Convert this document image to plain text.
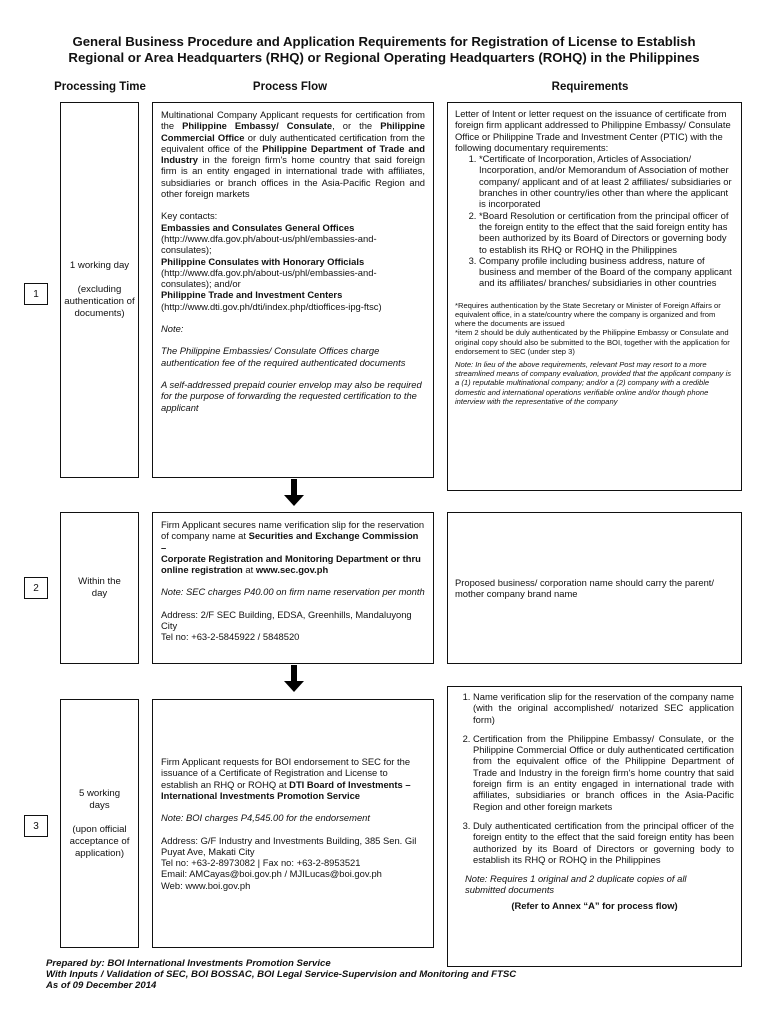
General Business Procedure and Application Requirements for Registration of License to Establish
Regional or Area Headquarters (RHQ) or Regional Operating Headquarters (ROHQ) in the Philippines
Processing Time	Process Flow	Requirements
1

1 working day

(excluding authentication of documents)

Multinational Company Applicant requests for certification from the Philippine Embassy/ Consulate, or the Philippine Commercial Office or duly authenticated certification from the equivalent office of the Philippine Department of Trade and Industry in the foreign firm's home country that said foreign firm is an entity engaged in international trade with affiliates, subsidiaries or branch offices in the Asia-Pacific Region and other foreign markets

Key contacts:

Embassies and Consulates General Offices

(http://www.dfa.gov.ph/about-us/phl/embassies-and-consulates);

Philippine Consulates with Honorary Officials

(http://www.dfa.gov.ph/about-us/phl/embassies-and-consulates); and/or

Philippine Trade and Investment Centers

(http://www.dti.gov.ph/dti/index.php/dtioffices-ipg-ftsc)

Note:

The Philippine Embassies/ Consulate Offices charge authentication fee of the required authenticated documents

A self-addressed prepaid courier envelop may also be required for the purpose of forwarding the requested certification to the applicant

Letter of Intent or letter request on the issuance of certificate from foreign firm applicant addressed to Philippine Embassy/ Consulate Office or Philippine Trade and Investment Center (PTIC) with the following documentary requirements:

1. *Certificate of Incorporation, Articles of Association/ Incorporation, and/or Memorandum of Association of mother company/ applicant and of at least 2 affiliates/ subsidiaries or branches in other country/ies other than where the applicant is incorporated
2. *Board Resolution or certification from the principal officer of the foreign entity to the effect that the said foreign entity has been authorized by its Board of Directors or governing body to establish its RHQ or ROHQ in the Philippines
3. Company profile including business address, nature of business and member of the Board of the company applicant and its affiliates/ branches/ subsidiaries in other countries

*Requires authentication by the State Secretary or Minister of Foreign Affairs or equivalent office, in a state/country where the company is organized and from where the documents are issued

*item 2 should be duly authenticated by the Philippine Embassy or Consulate and original copy should also be submitted to the BOI, together with the application for endorsement to SEC (under step 3)

Note: In lieu of the above requirements, relevant Post may resort to a more streamlined means of company evaluation, provided that the applicant company is a (1) reputable multinational company; and/or a (2) company with a credible domestic and international operations verifiable online and/or though phone interview with the representative of the company

2

Within the day

Firm Applicant secures name verification slip for the reservation of company name at Securities and Exchange Commission –
Corporate Registration and Monitoring Department or thru online registration at www.sec.gov.ph

Note: SEC charges P40.00 on firm name reservation per month

Address: 2/F SEC Building, EDSA, Greenhills, Mandaluyong City

Tel no: +63-2-5845922 / 5848520

Proposed business/ corporation name should carry the parent/ mother company brand name

3

5 working days

(upon official acceptance of application)

Firm Applicant requests for BOI endorsement to SEC for the issuance of a Certificate of Registration and License to establish an RHQ or ROHQ at DTI Board of Investments – International Investments Promotion Service

Note: BOI charges P4,545.00 for the endorsement

Address: G/F Industry and Investments Building, 385 Sen. Gil Puyat Ave, Makati City

Tel no: +63-2-8973082 | Fax no: +63-2-8953521

Email: AMCayas@boi.gov.ph / MJILucas@boi.gov.ph

Web: www.boi.gov.ph

1. Name verification slip for the reservation of the company name (with the original accomplished/ notarized SEC application form)
2. Certification from the Philippine Embassy/ Consulate, or the Philippine Commercial Office or duly authenticated certification from the equivalent office of the Philippine Department of Trade and Industry in the foreign firm's home country that said foreign firm is an entity engaged in international trade with affiliates, subsidiaries or branch offices in the Asia-Pacific Region and other foreign markets
3. Duly authenticated certification from the principal officer of the foreign entity to the effect that the said foreign entity has been authorized by its Board of Directors or governing body to establish its RHQ or ROHQ in the Philippines

Note: Requires 1 original and 2 duplicate copies of all submitted documents

(Refer to Annex “A” for process flow)

Prepared by: BOI International Investments Promotion Service
With Inputs / Validation of SEC, BOI BOSSAC, BOI Legal Service-Supervision and Monitoring and FTSC
As of 09 December 2014
